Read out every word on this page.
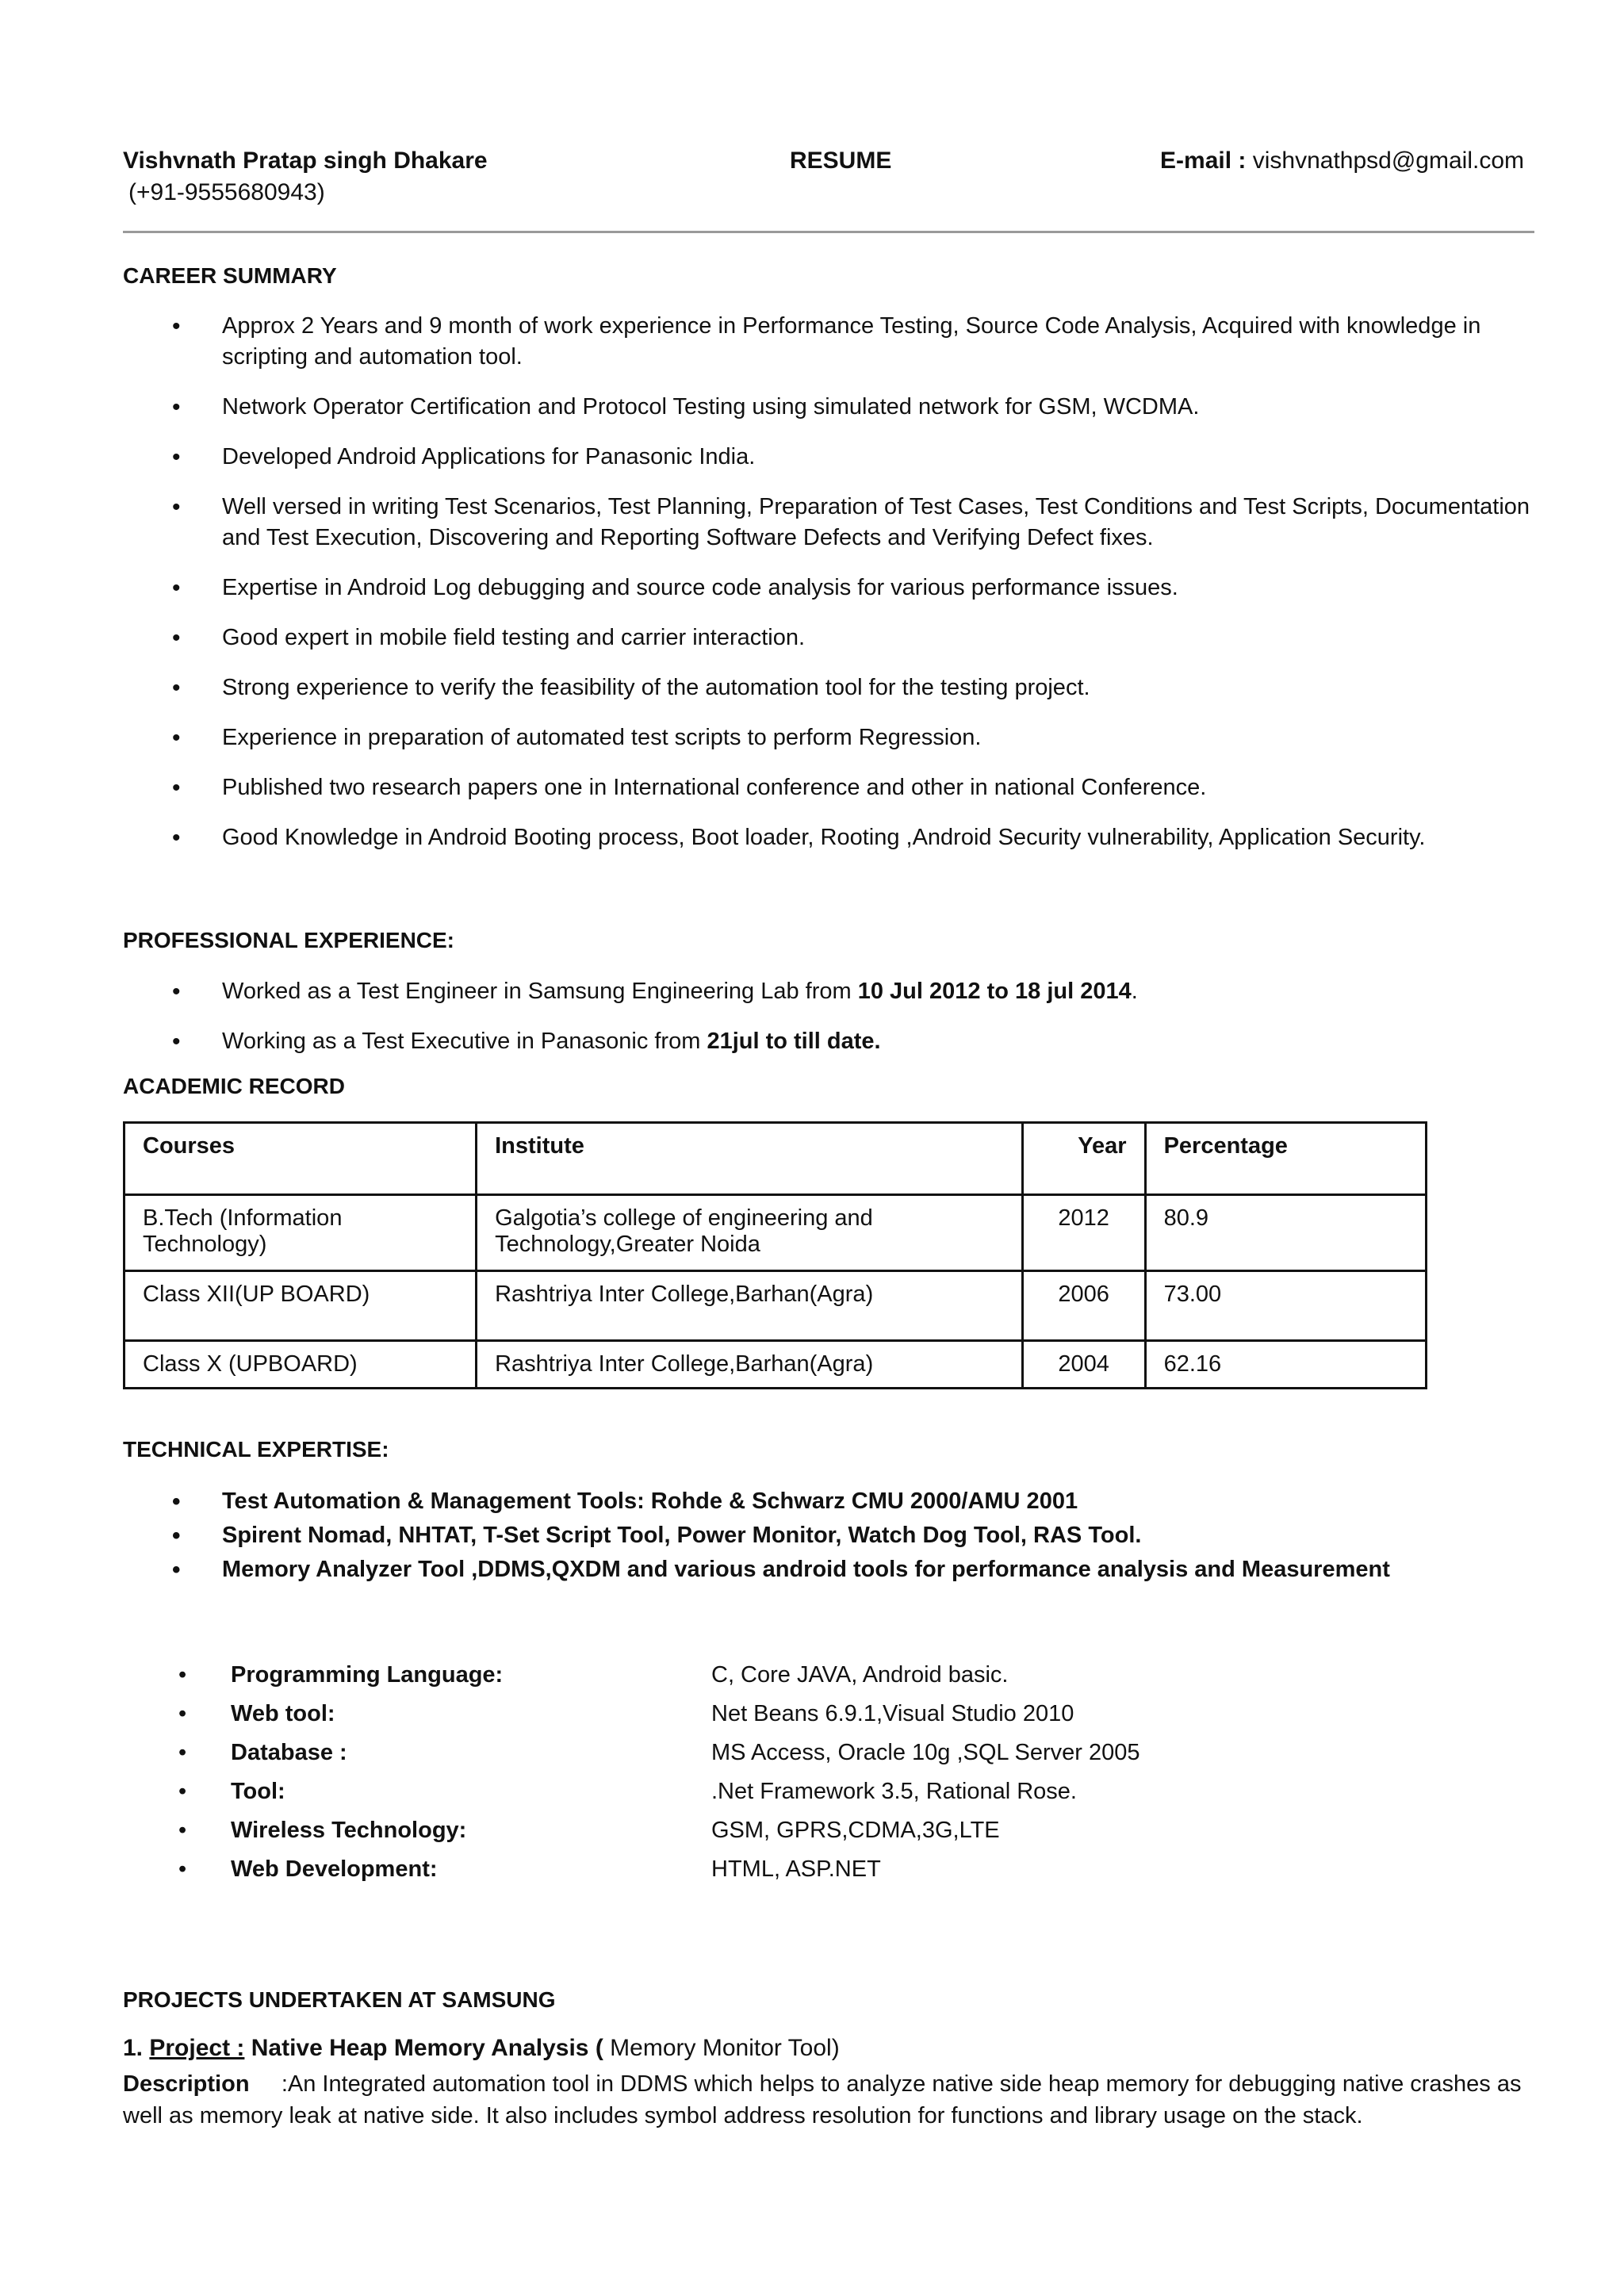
Vishvnath Pratap singh Dhakare	RESUME	E-mail : vishvnathpsd@gmail.com
(+91-9555680943)
CAREER SUMMARY
• Approx 2 Years and 9 month of work experience in Performance Testing, Source Code Analysis, Acquired with knowledge in scripting and automation tool.
• Network Operator Certification and Protocol Testing using simulated network for GSM, WCDMA.
• Developed Android Applications for Panasonic India.
• Well versed in writing Test Scenarios, Test Planning, Preparation of Test Cases, Test Conditions and Test Scripts, Documentation and Test Execution, Discovering and Reporting Software Defects and Verifying Defect fixes.
• Expertise in Android Log debugging and source code analysis for various performance issues.
• Good expert in mobile field testing and carrier interaction.
• Strong experience to verify the feasibility of the automation tool for the testing project.
• Experience in preparation of automated test scripts to perform Regression.
• Published two research papers one in International conference and other in national Conference.
• Good Knowledge in Android Booting process, Boot loader, Rooting ,Android Security vulnerability, Application Security.
PROFESSIONAL EXPERIENCE:
• Worked as a Test Engineer in Samsung Engineering Lab from 10 Jul 2012 to 18 jul 2014.
• Working as a Test Executive in Panasonic from 21jul to till date.
ACADEMIC RECORD
Courses	Institute	Year	Percentage
B.Tech (Information Technology)	Galgotia’s college of engineering and Technology,Greater Noida	2012	80.9
Class XII(UP BOARD)	Rashtriya Inter College,Barhan(Agra)	2006	73.00
Class X (UPBOARD)	Rashtriya Inter College,Barhan(Agra)	2004	62.16
TECHNICAL EXPERTISE:
• Test Automation & Management Tools: Rohde & Schwarz CMU 2000/AMU 2001
• Spirent Nomad, NHTAT, T-Set Script Tool, Power Monitor, Watch Dog Tool, RAS Tool.
• Memory Analyzer Tool ,DDMS,QXDM and various android tools for performance analysis and Measurement
• Programming Language:	C, Core JAVA, Android basic.
• Web tool:	Net Beans 6.9.1,Visual Studio 2010
• Database :	MS Access, Oracle 10g ,SQL Server 2005
• Tool:	.Net Framework 3.5, Rational Rose.
• Wireless Technology:	GSM, GPRS,CDMA,3G,LTE
• Web Development:	HTML, ASP.NET
PROJECTS UNDERTAKEN AT SAMSUNG
1. Project : Native Heap Memory Analysis ( Memory Monitor Tool)
Description :An Integrated automation tool in DDMS which helps to analyze native side heap memory for debugging native crashes as well as memory leak at native side. It also includes symbol address resolution for functions and library usage on the stack.
